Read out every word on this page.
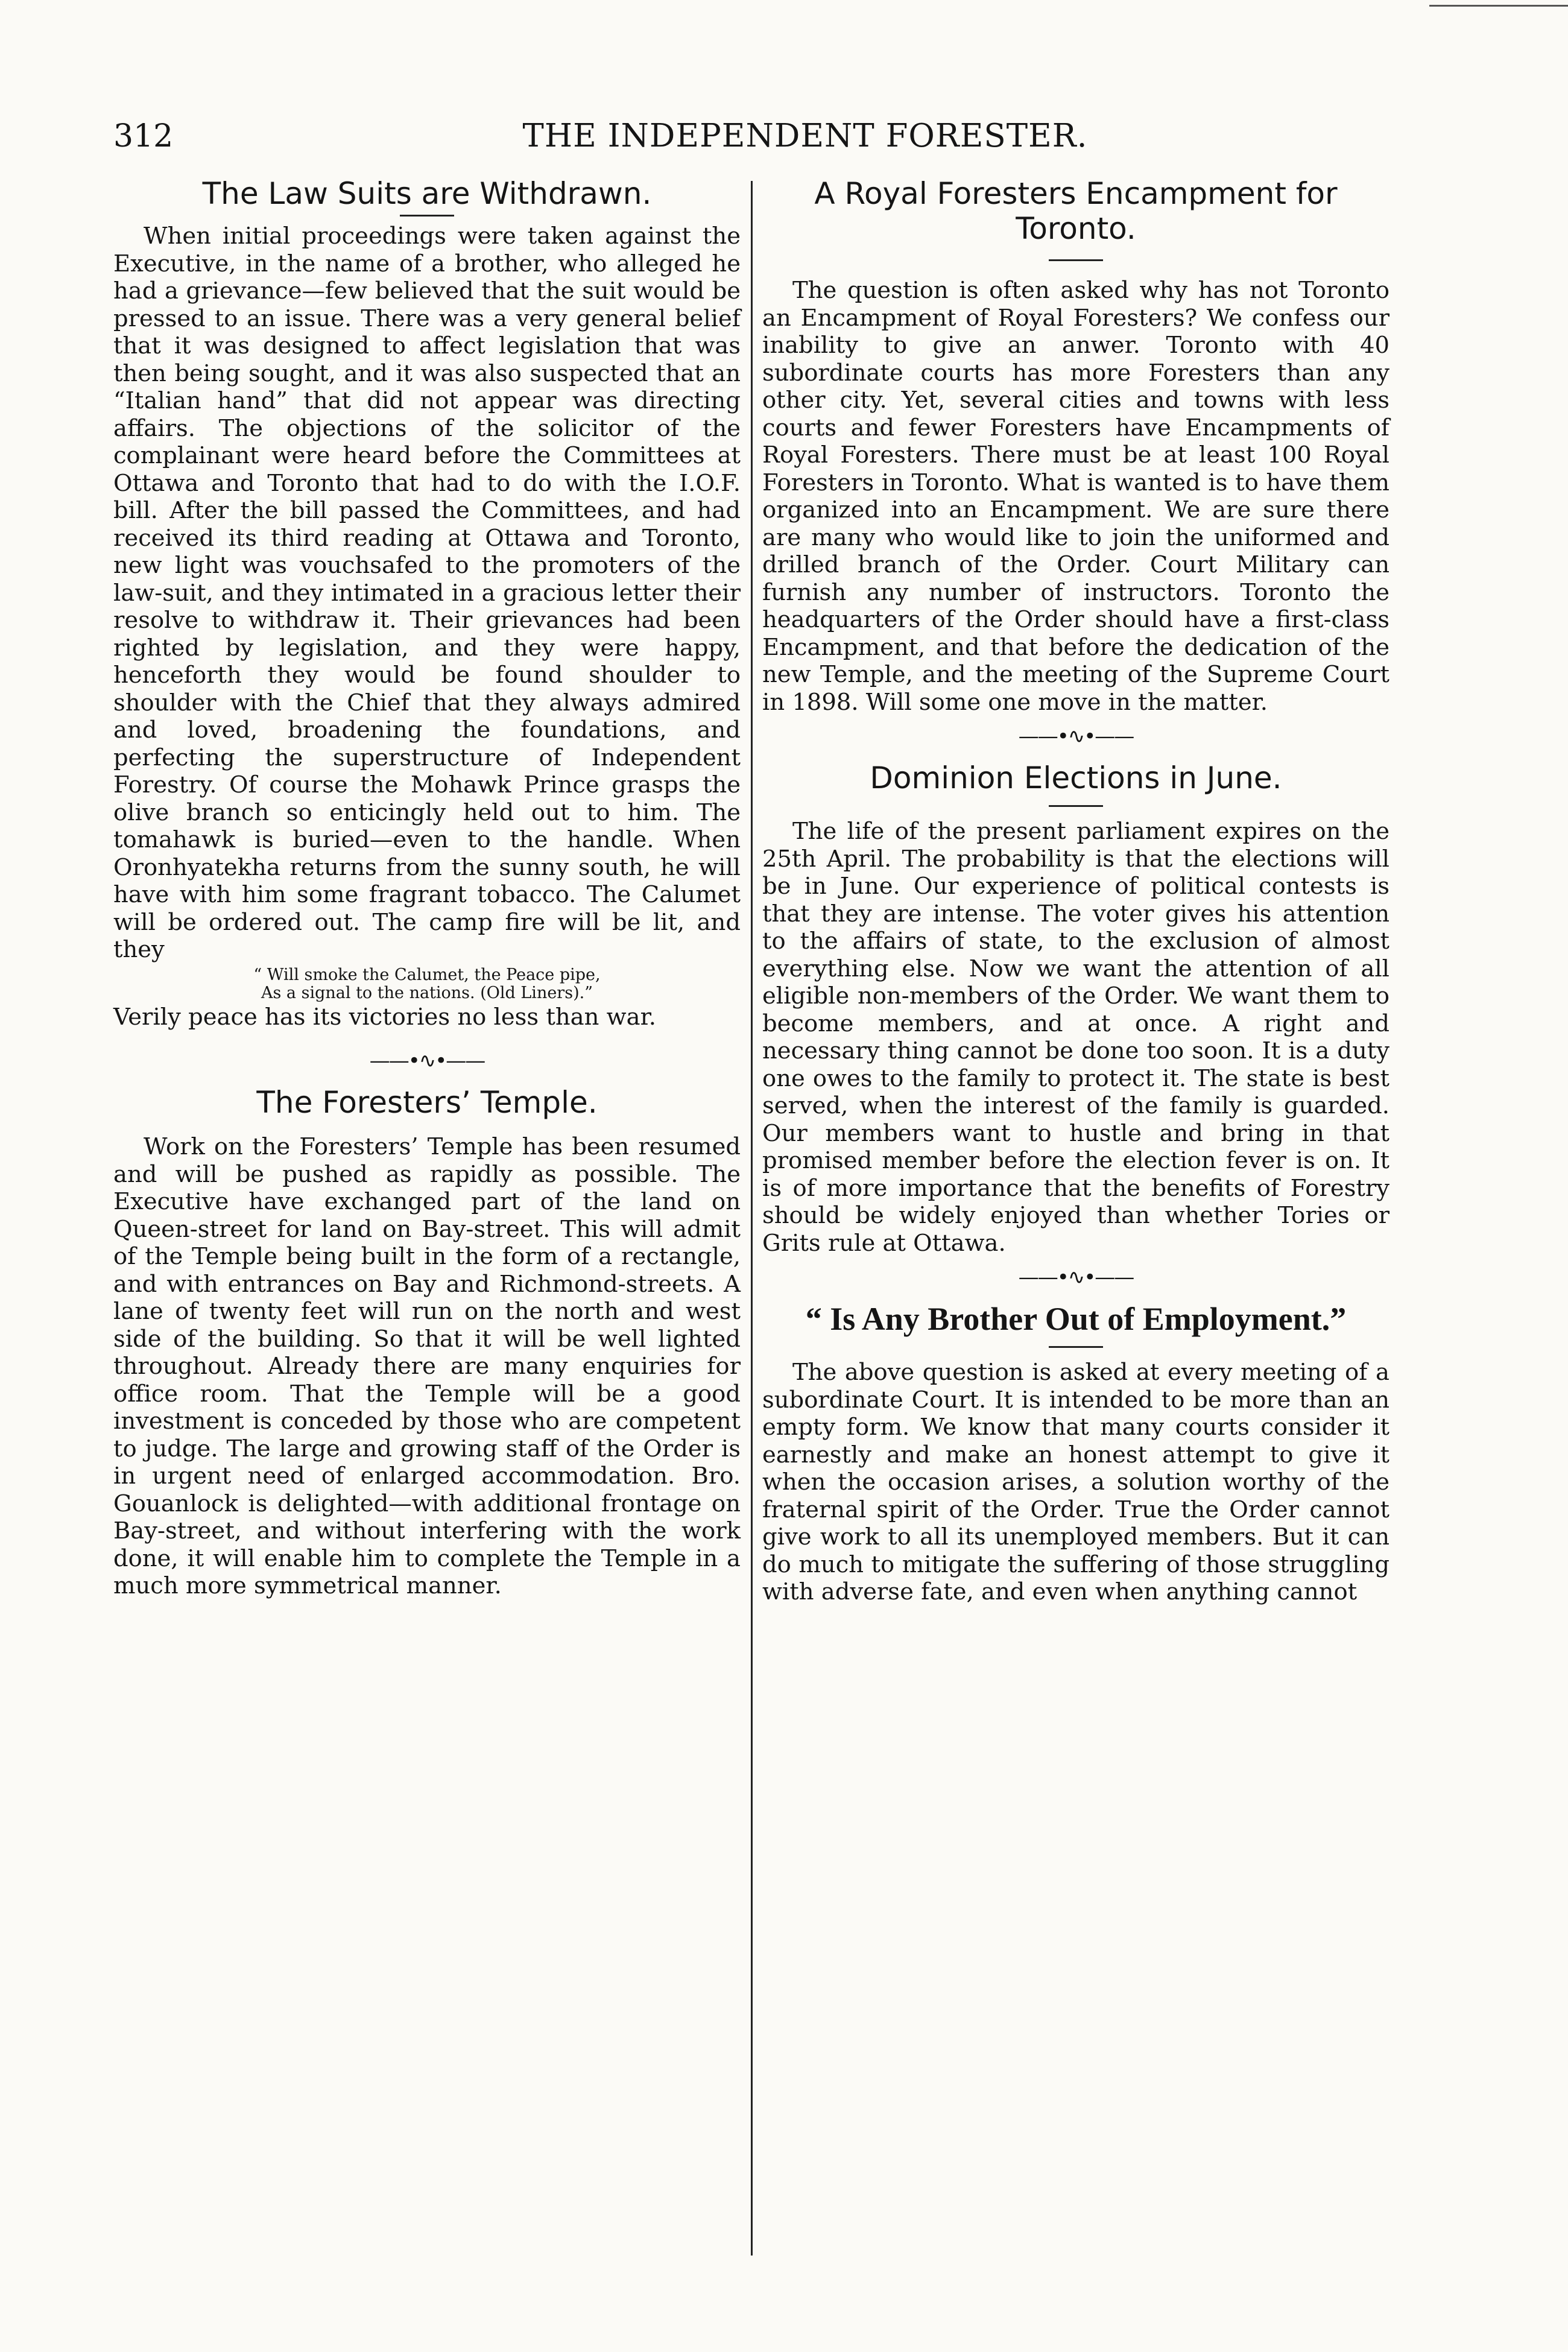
312	THE INDEPENDENT FORESTER.
The Law Suits are Withdrawn.

When initial proceedings were taken against the Executive, in the name of a brother, who alleged he had a grievance—few believed that the suit would be pressed to an issue. There was a very general belief that it was designed to affect legislation that was then being sought, and it was also suspected that an “Italian hand” that did not appear was directing affairs. The objections of the solicitor of the complainant were heard before the Committees at Ottawa and Toronto that had to do with the I.O.F. bill. After the bill passed the Committees, and had received its third reading at Ottawa and Toronto, new light was vouchsafed to the promoters of the law-suit, and they intimated in a gracious letter their resolve to withdraw it. Their grievances had been righted by legislation, and they were happy, henceforth they would be found shoulder to shoulder with the Chief that they always admired and loved, broadening the foundations, and perfecting the superstructure of Independent Forestry. Of course the Mohawk Prince grasps the olive branch so enticingly held out to him. The tomahawk is buried—even to the handle. When Oronhyatekha returns from the sunny south, he will have with him some fragrant tobacco. The Calumet will be ordered out. The camp fire will be lit, and they

“ Will smoke the Calumet, the Peace pipe,
As a signal to the nations. (Old Liners).”

Verily peace has its victories no less than war.

——•∿•——
The Foresters’ Temple.

Work on the Foresters’ Temple has been resumed and will be pushed as rapidly as possible. The Executive have exchanged part of the land on Queen-street for land on Bay-street. This will admit of the Temple being built in the form of a rectangle, and with entrances on Bay and Richmond-streets. A lane of twenty feet will run on the north and west side of the building. So that it will be well lighted throughout. Already there are many enquiries for office room. That the Temple will be a good investment is conceded by those who are competent to judge. The large and growing staff of the Order is in urgent need of enlarged accommodation. Bro. Gouanlock is delighted—with additional frontage on Bay-street, and without interfering with the work done, it will enable him to complete the Temple in a much more symmetrical manner.

A Royal Foresters Encampment for Toronto.

The question is often asked why has not Toronto an Encampment of Royal Foresters? We confess our inability to give an anwer. Toronto with 40 subordinate courts has more Foresters than any other city. Yet, several cities and towns with less courts and fewer Foresters have Encampments of Royal Foresters. There must be at least 100 Royal Foresters in Toronto. What is wanted is to have them organized into an Encampment. We are sure there are many who would like to join the uniformed and drilled branch of the Order. Court Military can furnish any number of instructors. Toronto the headquarters of the Order should have a first-class Encampment, and that before the dedication of the new Temple, and the meeting of the Supreme Court in 1898. Will some one move in the matter.

——•∿•——
Dominion Elections in June.

The life of the present parliament expires on the 25th April. The probability is that the elections will be in June. Our experience of political contests is that they are intense. The voter gives his attention to the affairs of state, to the exclusion of almost everything else. Now we want the attention of all eligible non-members of the Order. We want them to become members, and at once. A right and necessary thing cannot be done too soon. It is a duty one owes to the family to protect it. The state is best served, when the interest of the family is guarded. Our members want to hustle and bring in that promised member before the election fever is on. It is of more importance that the benefits of Forestry should be widely enjoyed than whether Tories or Grits rule at Ottawa.

——•∿•——
“ Is Any Brother Out of Employment.”

The above question is asked at every meeting of a subordinate Court. It is intended to be more than an empty form. We know that many courts consider it earnestly and make an honest attempt to give it when the occasion arises, a solution worthy of the fraternal spirit of the Order. True the Order cannot give work to all its unemployed members. But it can do much to mitigate the suffering of those struggling with adverse fate, and even when anything cannot
